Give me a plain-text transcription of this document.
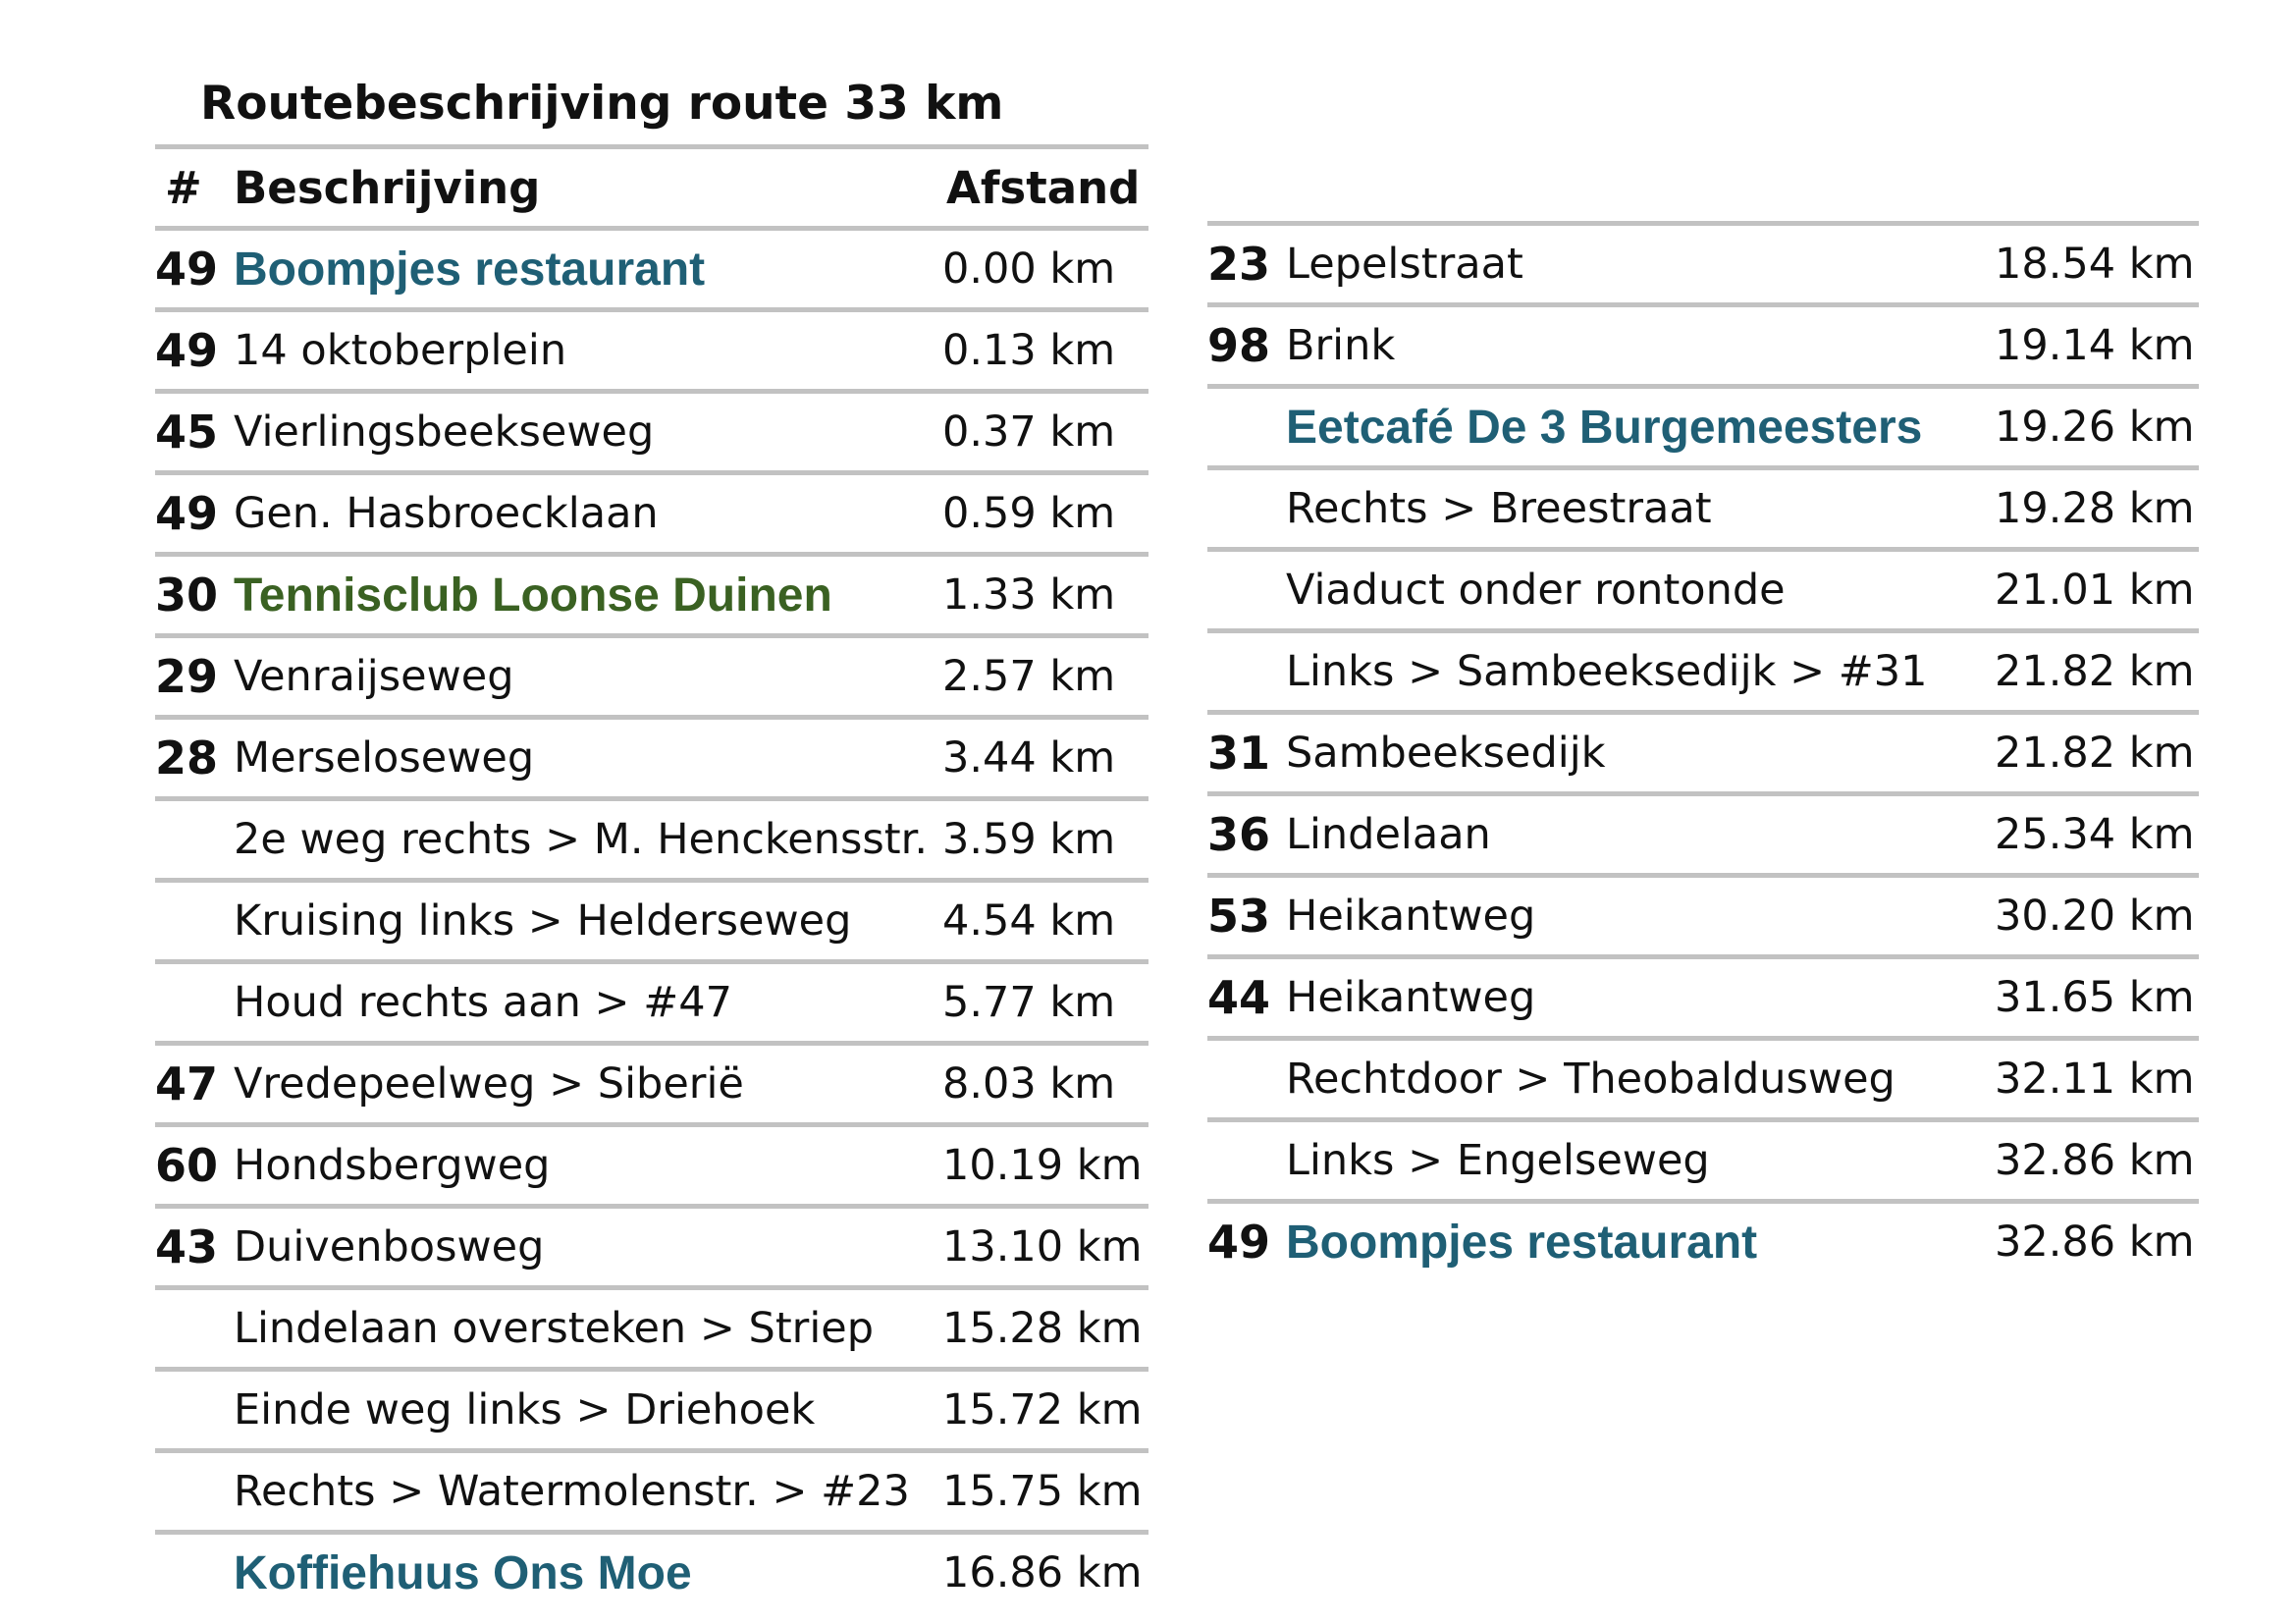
Routebeschrijving route 33 km
#	Beschrijving	Afstand
49	Boompjes restaurant	0.00 km
49	14 oktoberplein	0.13 km
45	Vierlingsbeekseweg	0.37 km
49	Gen. Hasbroecklaan	0.59 km
30	Tennisclub Loonse Duinen	1.33 km
29	Venraijseweg	2.57 km
28	Merseloseweg	3.44 km
	2e weg rechts > M. Henckensstr.	3.59 km
	Kruising links > Helderseweg	4.54 km
	Houd rechts aan > #47	5.77 km
47	Vredepeelweg > Siberië	8.03 km
60	Hondsbergweg	10.19 km
43	Duivenbosweg	13.10 km
	Lindelaan oversteken > Striep	15.28 km
	Einde weg links > Driehoek	15.72 km
	Rechts > Watermolenstr. > #23	15.75 km
	Koffiehuus Ons Moe	16.86 km
23	Lepelstraat	18.54 km
98	Brink	19.14 km
	Eetcafé De 3 Burgemeesters	19.26 km
	Rechts > Breestraat	19.28 km
	Viaduct onder rontonde	21.01 km
	Links > Sambeeksedijk > #31	21.82 km
31	Sambeeksedijk	21.82 km
36	Lindelaan	25.34 km
53	Heikantweg	30.20 km
44	Heikantweg	31.65 km
	Rechtdoor > Theobaldusweg	32.11 km
	Links > Engelseweg	32.86 km
49	Boompjes restaurant	32.86 km
